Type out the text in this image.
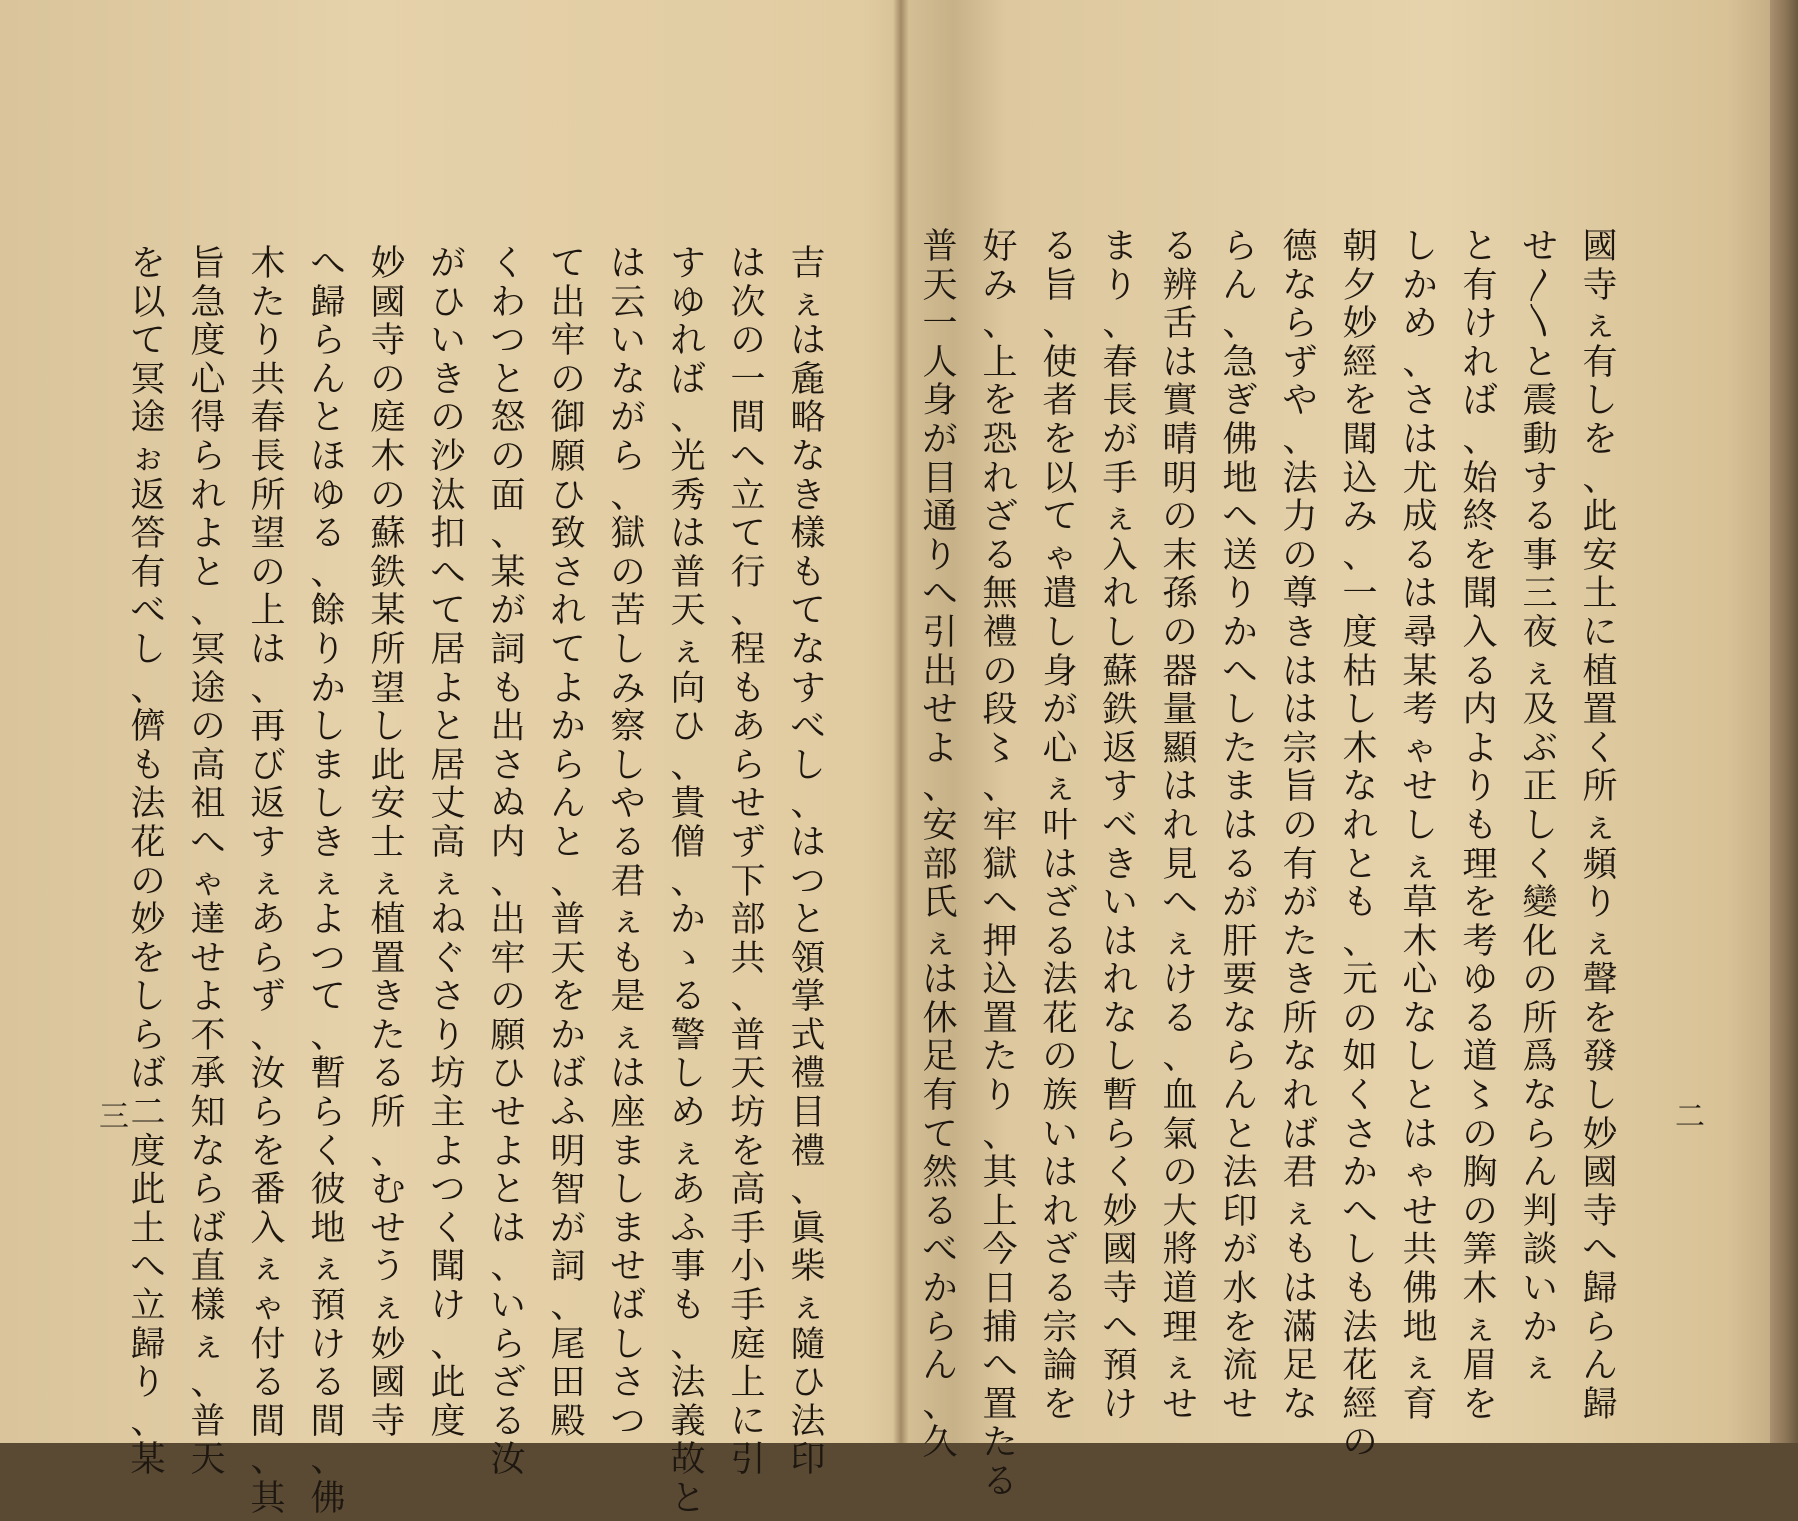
吉
ぇ
は
麁
略
な
き
樣
も
て
な
す
べ
し
、
は
つ
と
領
掌
式
禮
目
禮
、
眞
柴
ぇ
隨
ひ
法
印
は
次
の
一
間
へ
立
て
行
、
程
も
あ
ら
せ
ず
下
部
共
、
普
天
坊
を
高
手
小
手
庭
上
に
引
す
ゆ
れ
ば
、
光
秀
は
普
天
ぇ
向
ひ
、
貴
僧
、
か
ゝ
る
警
し
め
ぇ
あ
ふ
事
も
、
法
義
故
と
は
云
い
な
が
ら
、
獄
の
苦
し
み
察
し
や
る
君
ぇ
も
是
ぇ
は
座
ま
し
ま
せ
ば
し
さ
つ
て
出
牢
の
御
願
ひ
致
さ
れ
て
よ
か
ら
ん
と
、
普
天
を
か
ば
ふ
明
智
が
詞
、
尾
田
殿
く
わ
つ
と
怒
の
面
、
某
が
詞
も
出
さ
ぬ
内
、
出
牢
の
願
ひ
せ
よ
と
は
、
い
ら
ざ
る
汝
が
ひ
い
き
の
沙
汰
扣
へ
て
居
よ
と
居
丈
高
ぇ
ね
ぐ
さ
り
坊
主
よ
つ
く
聞
け
、
此
度
妙
國
寺
の
庭
木
の
蘇
鉄
某
所
望
し
此
安
士
ぇ
植
置
き
た
る
所
、
む
せ
う
ぇ
妙
國
寺
へ
歸
ら
ん
と
ほ
ゆ
る
、
餘
り
か
し
ま
し
き
ぇ
よ
つ
て
、
暫
ら
く
彼
地
ぇ
預
け
る
間
、
佛
木
た
り
共
春
長
所
望
の
上
は
、
再
び
返
す
ぇ
あ
ら
ず
、
汝
ら
を
番
入
ぇ
ゃ
付
る
間
、
其
旨
急
度
心
得
ら
れ
よ
と
、
冥
途
の
高
祖
へ
ゃ
達
せ
よ
不
承
知
な
ら
ば
直
樣
ぇ
、
普
天
を
以
て
冥
途
ぉ
返
答
有
べ
し
、
儕
も
法
花
の
妙
を
し
ら
ば
二
度
此
土
へ
立
歸
り
、
某
三
國
寺
ぇ
有
し
を
、
此
安
土
に
植
置
く
所
ぇ
頻
り
ぇ
聲
を
發
し
妙
國
寺
へ
歸
ら
ん
歸
せ
〳
〵
と
震
動
す
る
事
三
夜
ぇ
及
ぶ
正
し
く
變
化
の
所
爲
な
ら
ん
判
談
い
か
ぇ
と
有
け
れ
ば
、
始
終
を
聞
入
る
内
よ
り
も
理
を
考
ゆ
る
道
〻
の
胸
の
筭
木
ぇ
眉
を
し
か
め
、
さ
は
尤
成
る
は
尋
某
考
ゃ
せ
し
ぇ
草
木
心
な
し
と
は
ゃ
せ
共
佛
地
ぇ
育
朝
夕
妙
經
を
聞
込
み
、
一
度
枯
し
木
な
れ
と
も
、
元
の
如
く
さ
か
へ
し
も
法
花
經
の
德
な
ら
ず
や
、
法
力
の
尊
き
は
は
宗
旨
の
有
が
た
き
所
な
れ
ば
君
ぇ
も
は
滿
足
な
ら
ん
、
急
ぎ
佛
地
へ
送
り
か
へ
し
た
ま
は
る
が
肝
要
な
ら
ん
と
法
印
が
水
を
流
せ
る
辨
舌
は
實
晴
明
の
末
孫
の
器
量
顯
は
れ
見
へ
ぇ
け
る
、
血
氣
の
大
將
道
理
ぇ
せ
ま
り
、
春
長
が
手
ぇ
入
れ
し
蘇
鉄
返
す
べ
き
い
は
れ
な
し
暫
ら
く
妙
國
寺
へ
預
け
る
旨
、
使
者
を
以
て
ゃ
遣
し
身
が
心
ぇ
叶
は
ざ
る
法
花
の
族
い
は
れ
ざ
る
宗
論
を
好
み
、
上
を
恐
れ
ざ
る
無
禮
の
段
〻
、
牢
獄
へ
押
込
置
た
り
、
其
上
今
日
捕
へ
置
た
る
普
天
一
人
身
が
目
通
り
へ
引
出
せ
よ
、
安
部
氏
ぇ
は
休
足
有
て
然
る
べ
か
ら
ん
、
久
二
